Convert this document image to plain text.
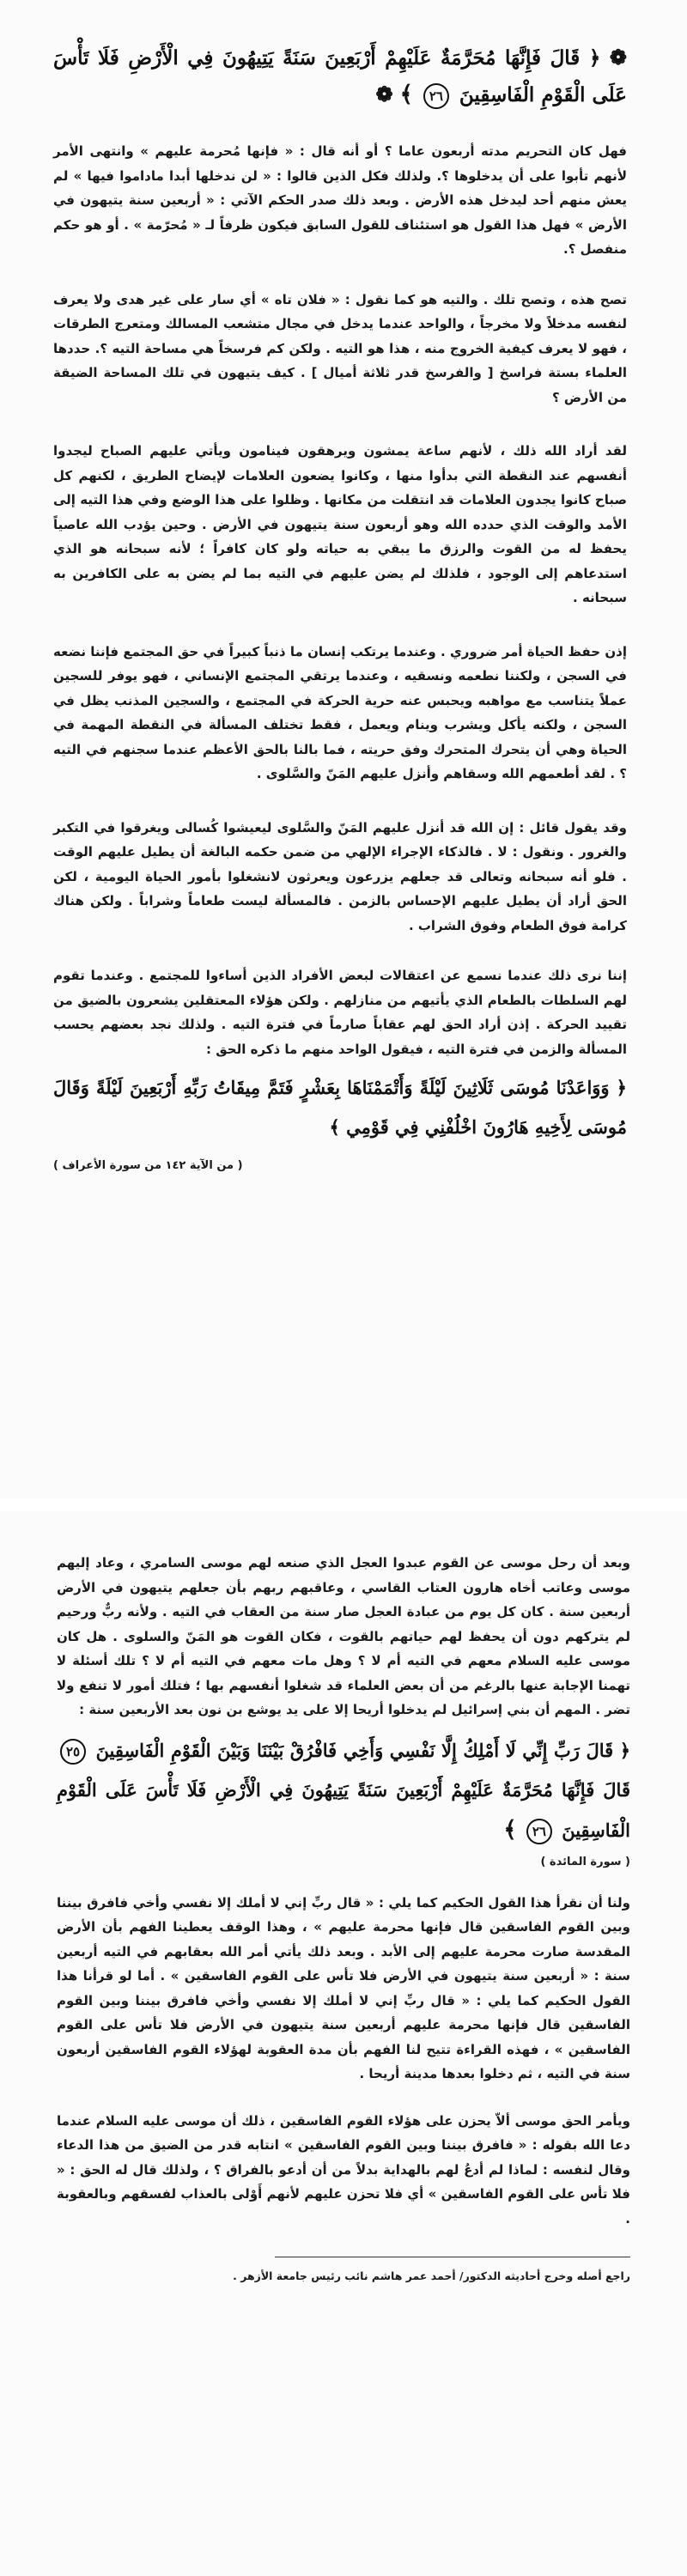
❁ ﴿ قَالَ فَإِنَّهَا مُحَرَّمَةٌ عَلَيْهِمْ أَرْبَعِينَ سَنَةً يَتِيهُونَ فِي الْأَرْضِ فَلَا تَأْسَ عَلَى الْقَوْمِ الْفَاسِقِينَ ٢٦ ﴾ ❁

فهل كان التحريم مدته أربعون عاما ؟ أو أنه قال : « فإنها مُحرمة عليهم » وانتهى الأمر لأنهم تأبوا على أن يدخلوها ؟. ولذلك فكل الذين قالوا : « لن ندخلها أبدا ماداموا فيها » لم يعش منهم أحد ليدخل هذه الأرض . وبعد ذلك صدر الحكم الآتي : « أربعين سنة يتيهون في الأرض » فهل هذا القول هو استئناف للقول السابق فيكون ظرفاً لـ « مُحرّمة » . أو هو حكم منفصل ؟.

تصح هذه ، وتصح تلك . والتيه هو كما نقول : « فلان تاه » أي سار على غير هدى ولا يعرف لنفسه مدخلاً ولا مخرجاً ، والواحد عندما يدخل في مجال متشعب المسالك ومتعرج الطرقات ، فهو لا يعرف كيفية الخروج منه ، هذا هو التيه . ولكن كم فرسخاً هي مساحة التيه ؟. حددها العلماء بستة فراسخ [ والفرسخ قدر ثلاثة أميال ] . كيف يتيهون في تلك المساحة الضيقة من الأرض ؟

لقد أراد الله ذلك ، لأنهم ساعة يمشون ويرهقون فينامون ويأتي عليهم الصباح ليجدوا أنفسهم عند النقطة التي بدأوا منها ، وكانوا يضعون العلامات لإيضاح الطريق ، لكنهم كل صباح كانوا يجدون العلامات قد انتقلت من مكانها . وظلوا على هذا الوضع وفي هذا التيه إلى الأمد والوقت الذي حدده الله وهو أربعون سنة يتيهون في الأرض . وحين يؤدب الله عاصياً يحفظ له من القوت والرزق ما يبقي به حياته ولو كان كافراً ؛ لأنه سبحانه هو الذي استدعاهم إلى الوجود ، فلذلك لم يضن عليهم في التيه بما لم يضن به على الكافرين به سبحانه .

إذن حفظ الحياة أمر ضروري . وعندما يرتكب إنسان ما ذنباً كبيراً في حق المجتمع فإننا نضعه في السجن ، ولكننا نطعمه ونسقيه ، وعندما يرتقي المجتمع الإنساني ، فهو يوفر للسجين عملاً يتناسب مع مواهبه ويحبس عنه حرية الحركة في المجتمع ، والسجين المذنب يظل في السجن ، ولكنه يأكل ويشرب وينام ويعمل ، فقط تختلف المسألة في النقطة المهمة في الحياة وهي أن يتحرك المتحرك وفق حريته ، فما بالنا بالحق الأعظم عندما سجنهم في التيه ؟ . لقد أطعمهم الله وسقاهم وأنزل عليهم المَنّ والسَّلوى .

وقد يقول قائل : إن الله قد أنزل عليهم المَنّ والسَّلوى ليعيشوا كُسالى ويغرقوا في التكبر والغرور . ونقول : لا . فالذكاء الإجراء الإلهي من ضمن حكمه البالغة أن يطيل عليهم الوقت . فلو أنه سبحانه وتعالى قد جعلهم يزرعون ويعرثون لانشغلوا بأمور الحياة اليومية ، لكن الحق أراد أن يطيل عليهم الإحساس بالزمن . فالمسألة ليست طعاماً وشراباً . ولكن هناك كرامة فوق الطعام وفوق الشراب .

إننا نرى ذلك عندما نسمع عن اعتقالات لبعض الأفراد الذين أساءوا للمجتمع . وعندما تقوم لهم السلطات بالطعام الذي يأتيهم من منازلهم . ولكن هؤلاء المعتقلين يشعرون بالضيق من تقييد الحركة . إذن أراد الحق لهم عقاباً صارماً في فترة التيه . ولذلك نجد بعضهم يحسب المسألة والزمن في فترة التيه ، فيقول الواحد منهم ما ذكره الحق :

﴿ وَوَاعَدْنَا مُوسَى ثَلَاثِينَ لَيْلَةً وَأَتْمَمْنَاهَا بِعَشْرٍ فَتَمَّ مِيقَاتُ رَبِّهِ أَرْبَعِينَ لَيْلَةً وَقَالَ مُوسَى لِأَخِيهِ هَارُونَ اخْلُفْنِي فِي قَوْمِي ﴾
( من الآية ١٤٢ من سورة الأعراف )

وبعد أن رحل موسى عن القوم عبدوا العجل الذي صنعه لهم موسى السامري ، وعاد إليهم موسى وعاتب أخاه هارون العتاب القاسي ، وعاقبهم ربهم بأن جعلهم يتيهون في الأرض أربعين سنة . كان كل يوم من عبادة العجل صار سنة من العقاب في التيه . ولأنه ربٌّ ورحيم لم يتركهم دون أن يحفظ لهم حياتهم بالقوت ، فكان القوت هو المَنّ والسلوى . هل كان موسى عليه السلام معهم في التيه أم لا ؟ وهل مات معهم في التيه أم لا ؟ تلك أسئلة لا تهمنا الإجابة عنها بالرغم من أن بعض العلماء قد شغلوا أنفسهم بها ؛ فتلك أمور لا تنفع ولا تضر . المهم أن بني إسرائيل لم يدخلوا أريحا إلا على يد يوشع بن نون بعد الأربعين سنة :

﴿ قَالَ رَبِّ إِنِّي لَا أَمْلِكُ إِلَّا نَفْسِي وَأَخِي فَافْرُقْ بَيْنَنَا وَبَيْنَ الْقَوْمِ الْفَاسِقِينَ ٢٥ قَالَ فَإِنَّهَا مُحَرَّمَةٌ عَلَيْهِمْ أَرْبَعِينَ سَنَةً يَتِيهُونَ فِي الْأَرْضِ فَلَا تَأْسَ عَلَى الْقَوْمِ الْفَاسِقِينَ ٢٦ ﴾
( سورة المائدة )

ولنا أن نقرأ هذا القول الحكيم كما يلي : « قال ربِّ إني لا أملك إلا نفسي وأخي فافرق بيننا وبين القوم الفاسقين قال فإنها محرمة عليهم » ، وهذا الوقف يعطينا الفهم بأن الأرض المقدسة صارت محرمة عليهم إلى الأبد . وبعد ذلك يأتي أمر الله بعقابهم في التيه أربعين سنة : « أربعين سنة يتيهون في الأرض فلا تأس على القوم الفاسقين » . أما لو قرأنا هذا القول الحكيم كما يلي : « قال ربِّ إني لا أملك إلا نفسي وأخي فافرق بيننا وبين القوم الفاسقين قال فإنها محرمة عليهم أربعين سنة يتيهون في الأرض فلا تأس على القوم الفاسقين » ، فهذه القراءة تتيح لنا الفهم بأن مدة العقوبة لهؤلاء القوم الفاسقين أربعون سنة في التيه ، ثم دخلوا بعدها مدينة أريحا .

ويأمر الحق موسى ألاّ يحزن على هؤلاء القوم الفاسقين ، ذلك أن موسى عليه السلام عندما دعا الله بقوله : « فافرق بيننا وبين القوم الفاسقين » انتابه قدر من الضيق من هذا الدعاء وقال لنفسه : لماذا لم أدعُ لهم بالهداية بدلاً من أن أدعو بالفراق ؟ ، ولذلك قال له الحق : « فلا تأس على القوم الفاسقين » أي فلا تحزن عليهم لأنهم أَوْلى بالعذاب لفسقهم وبالعقوبة .

راجع أصله وخرج أحاديثه الدكتور/ أحمد عمر هاشم نائب رئيس جامعة الأزهر .
